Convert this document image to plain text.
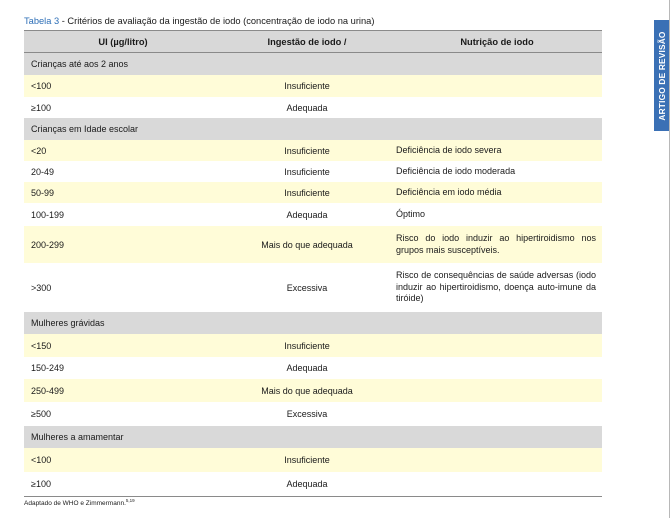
Tabela 3 - Critérios de avaliação da ingestão de iodo (concentração de iodo na urina)
UI (µg/litro)	Ingestão de iodo /	Nutrição de iodo
Crianças até aos 2 anos		
<100	Insuficiente	
≥100	Adequada	
Crianças em Idade escolar		
<20	Insuficiente	Deficiência de iodo severa
20-49	Insuficiente	Deficiência de iodo moderada
50-99	Insuficiente	Deficiência em iodo média
100-199	Adequada	Óptimo
200-299	Mais do que adequada	Risco do iodo induzir ao hipertiroidismo nos grupos mais susceptíveis.
>300	Excessiva	Risco de consequências de saúde adversas (iodo induzir ao hipertiroidismo, doença auto-imune da tiróide)
Mulheres grávidas		
<150	Insuficiente	
150-249	Adequada	
250-499	Mais do que adequada	
≥500	Excessiva	
Mulheres a amamentar		
<100	Insuficiente	
≥100	Adequada	
Adaptado de WHO e Zimmermann.$^{5,19}$
ARTIGO DE REVISÃO
